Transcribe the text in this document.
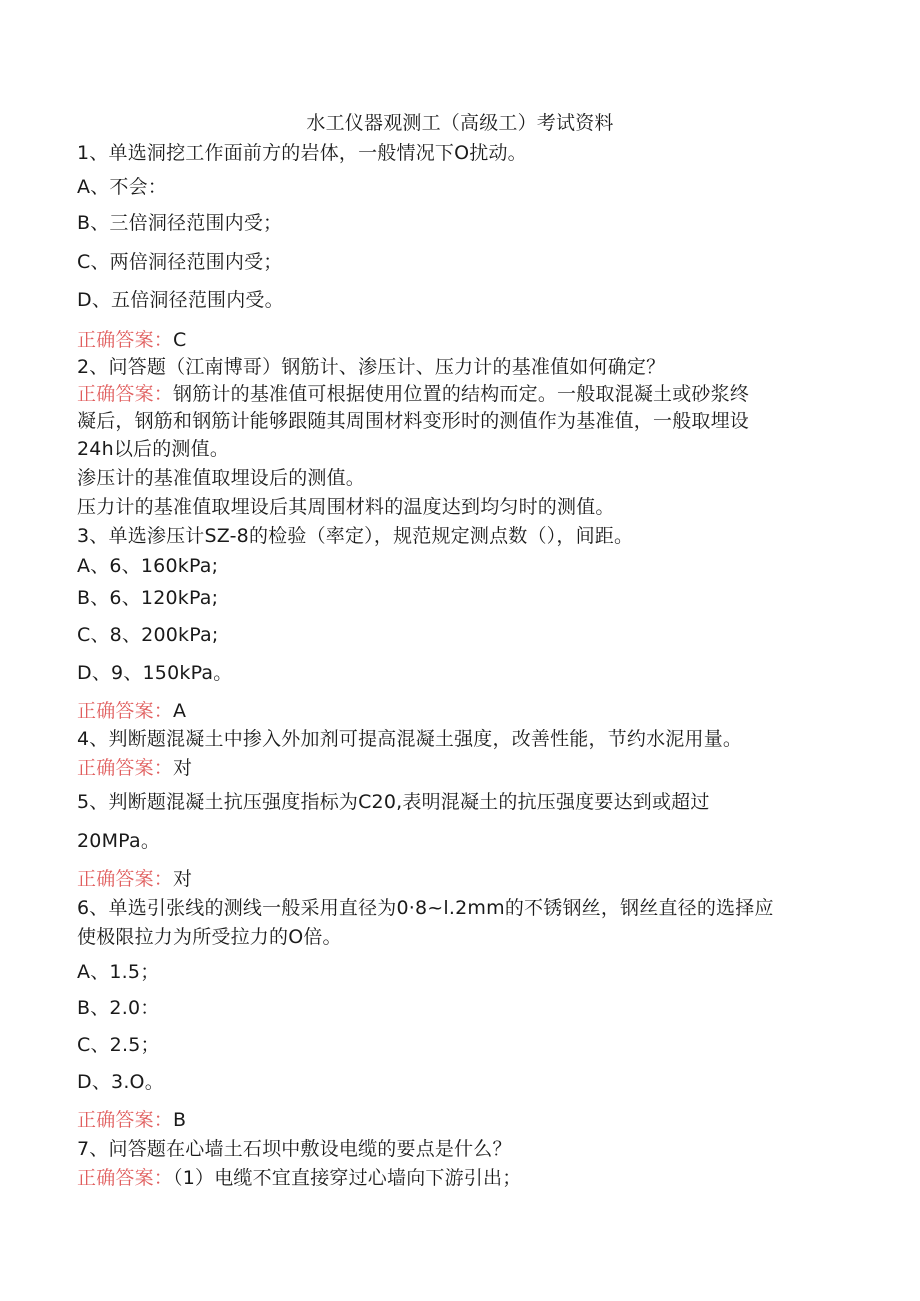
水工仪器观测工（高级工）考试资料
1、单选洞挖工作面前方的岩体，一般情况下O扰动。
A、不会：
B、三倍洞径范围内受；
C、两倍洞径范围内受；
D、五倍洞径范围内受。
正确答案：C
2、问答题（江南博哥）钢筋计、渗压计、压力计的基准值如何确定？
正确答案：钢筋计的基准值可根据使用位置的结构而定。一般取混凝土或砂浆终
凝后，钢筋和钢筋计能够跟随其周围材料变形时的测值作为基准值，一般取埋设
24h以后的测值。
渗压计的基准值取埋设后的测值。
压力计的基准值取埋设后其周围材料的温度达到均匀时的测值。
3、单选渗压计SZ-8的检验（率定），规范规定测点数（），间距。
A、6、160kPa;
B、6、120kPa;
C、8、200kPa;
D、9、150kPa。
正确答案：A
4、判断题混凝土中掺入外加剂可提高混凝土强度，改善性能，节约水泥用量。
正确答案：对
5、判断题混凝土抗压强度指标为C20,表明混凝土的抗压强度要达到或超过
20MPa。
正确答案：对
6、单选引张线的测线一般采用直径为0·8~l.2mm的不锈钢丝，钢丝直径的选择应
使极限拉力为所受拉力的O倍。
A、1.5；
B、2.0：
C、2.5；
D、3.O。
正确答案：B
7、问答题在心墙土石坝中敷设电缆的要点是什么？
正确答案：（1）电缆不宜直接穿过心墙向下游引出；
